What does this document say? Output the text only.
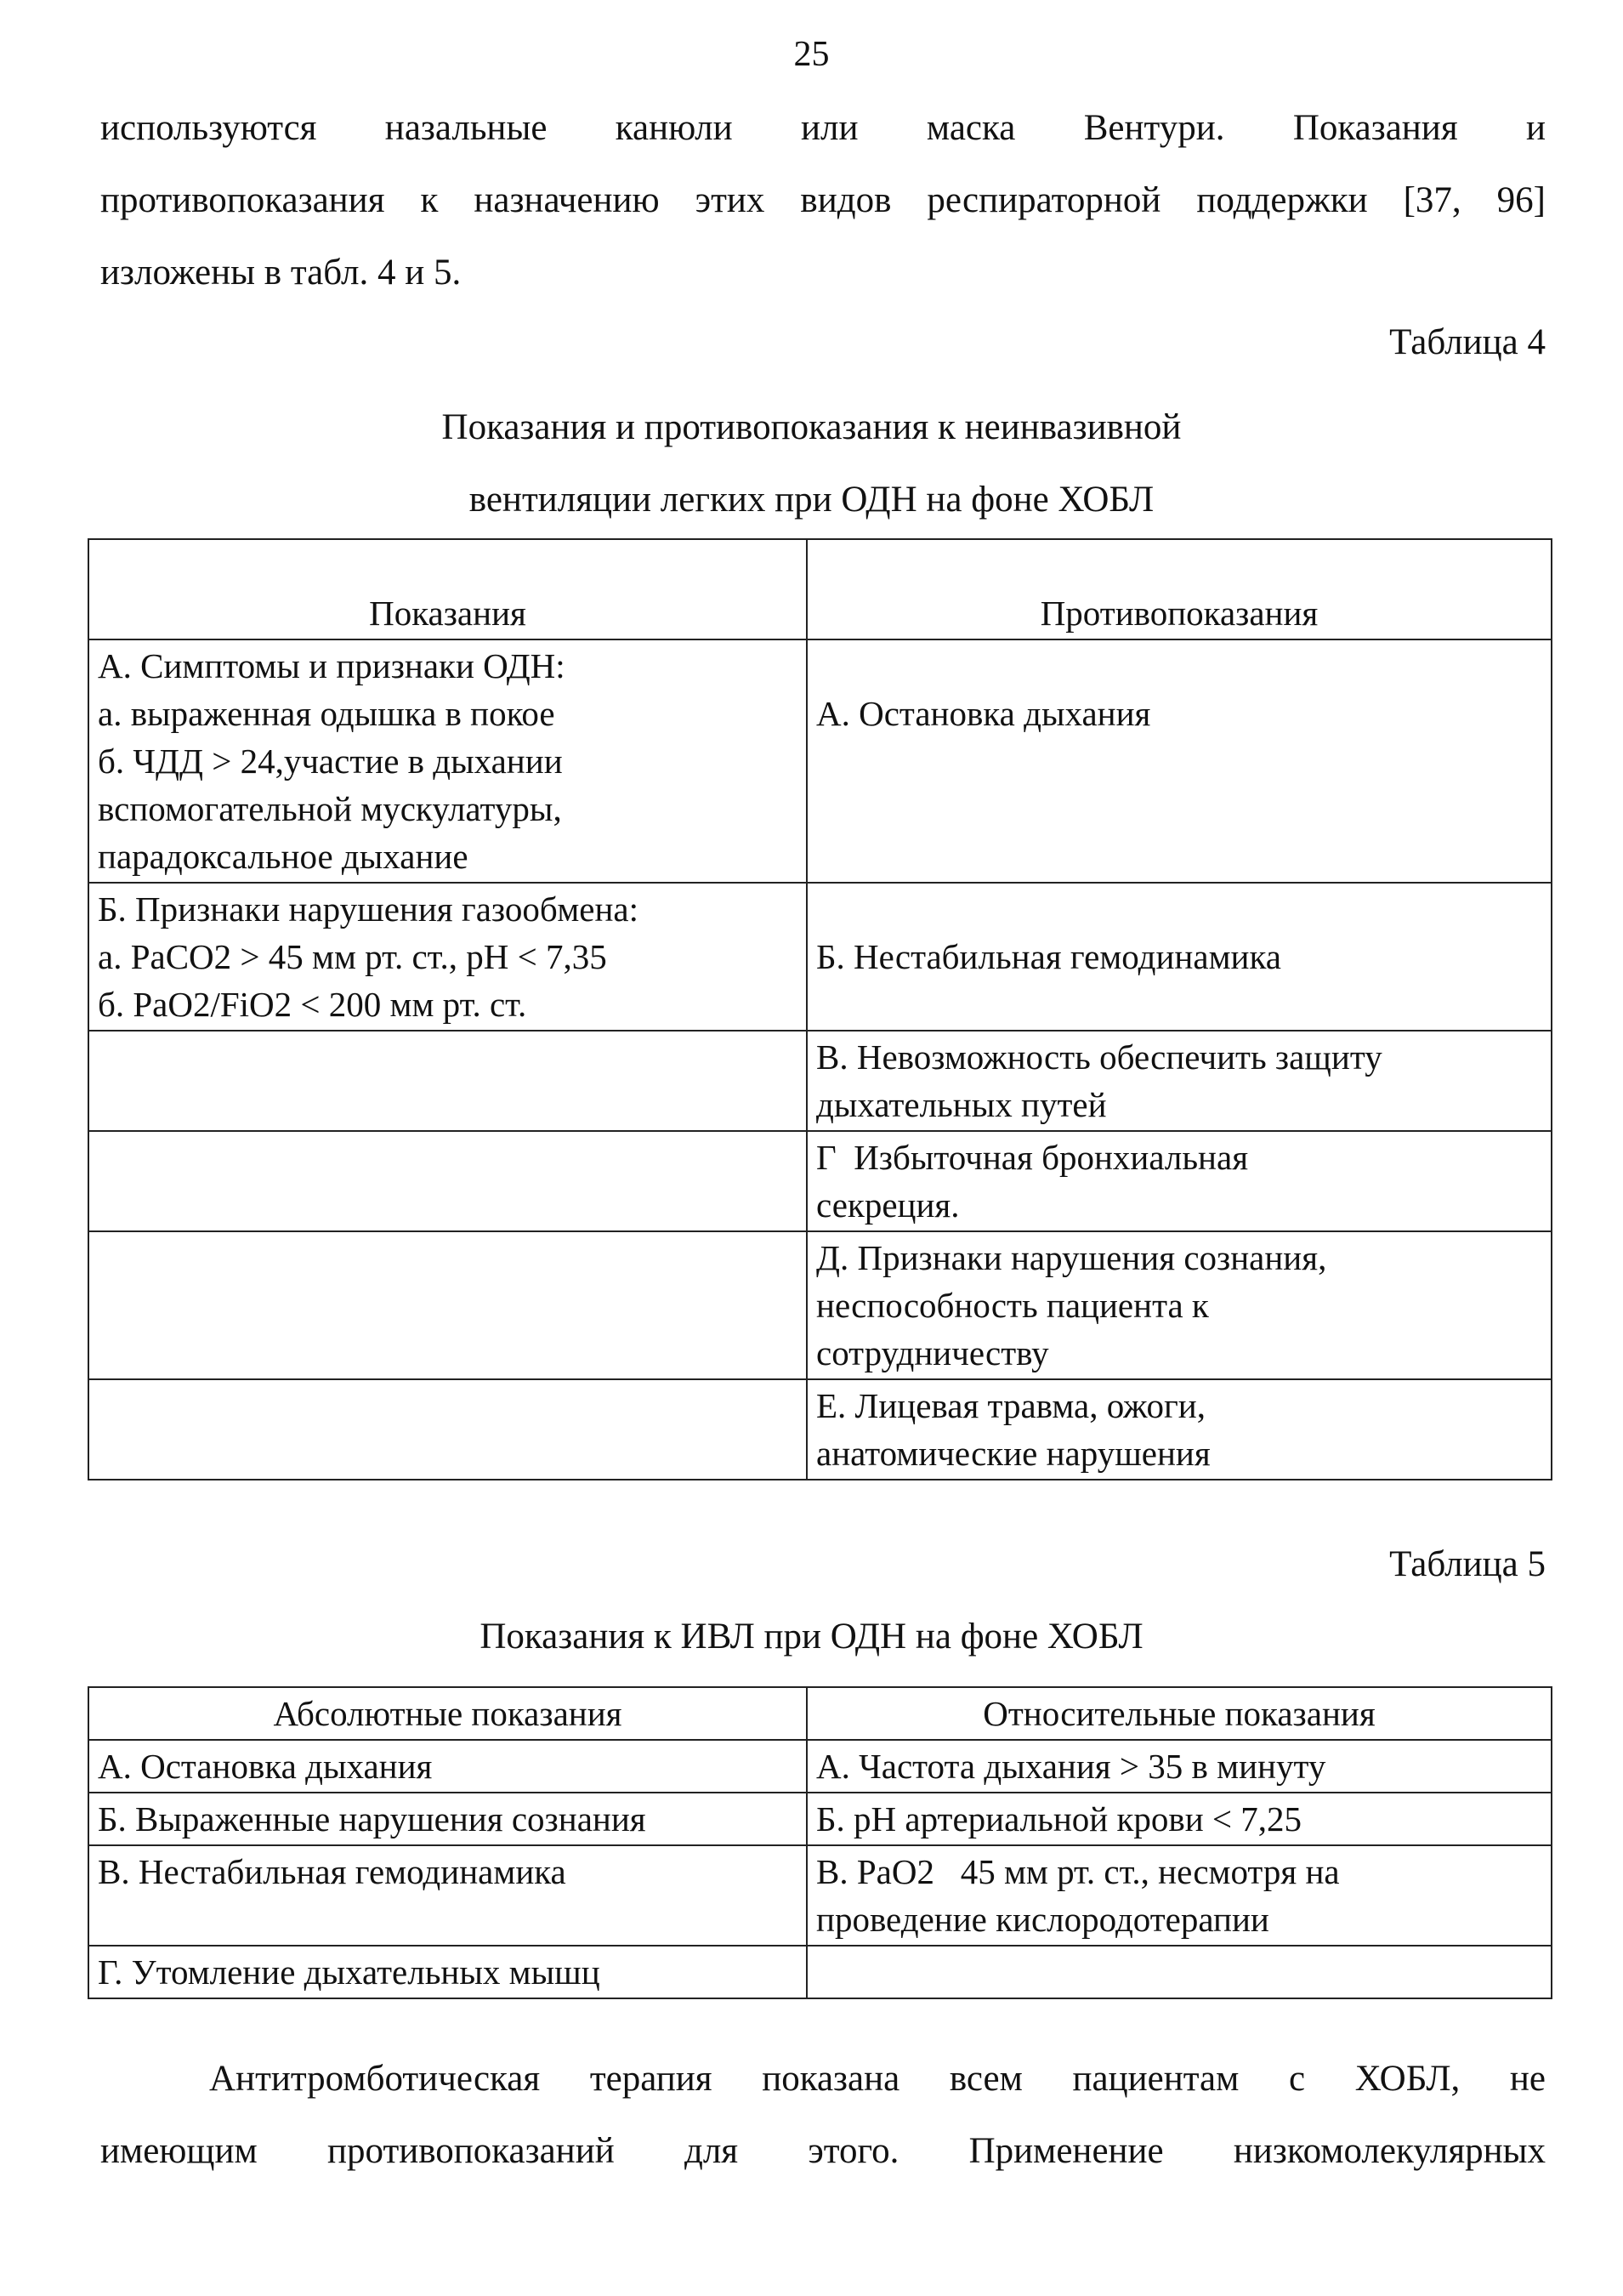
25
используются назальные канюли или маска Вентури. Показания и
противопоказания к назначению этих видов респираторной поддержки [37, 96]
изложены в табл. 4 и 5.
Таблица 4
Показания и противопоказания к неинвазивной
вентиляции легких при ОДН на фоне ХОБЛ
Показания	Противопоказания

А. Симптомы и признаки ОДН:
а. выраженная одышка в покое
б. ЧДД > 24,участие в дыхании
вспомогательной мускулатуры,
парадоксальное дыхание	А. Остановка дыхания

Б. Признаки нарушения газообмена:
а. PaCO2 > 45 мм рт. ст., pH < 7,35
б. PaO2/FiO2 < 200 мм рт. ст.	Б. Нестабильная гемодинамика

	В. Невозможность обеспечить защиту
дыхательных путей

	Г  Избыточная бронхиальная
секреция.

	Д. Признаки нарушения сознания,
неспособность пациента к
сотрудничеству

	Е. Лицевая травма, ожоги,
анатомические нарушения
Таблица 5
Показания к ИВЛ при ОДН на фоне ХОБЛ
Абсолютные показания	Относительные показания

А. Остановка дыхания	А. Частота дыхания > 35 в минуту

Б. Выраженные нарушения сознания	Б. pH артериальной крови < 7,25

В. Нестабильная гемодинамика	В. PaO2   45 мм рт. ст., несмотря на
проведение кислородотерапии

Г. Утомление дыхательных мышц	

Антитромботическая терапия показана всем пациентам с ХОБЛ, не
имеющим противопоказаний для этого. Применение низкомолекулярных
